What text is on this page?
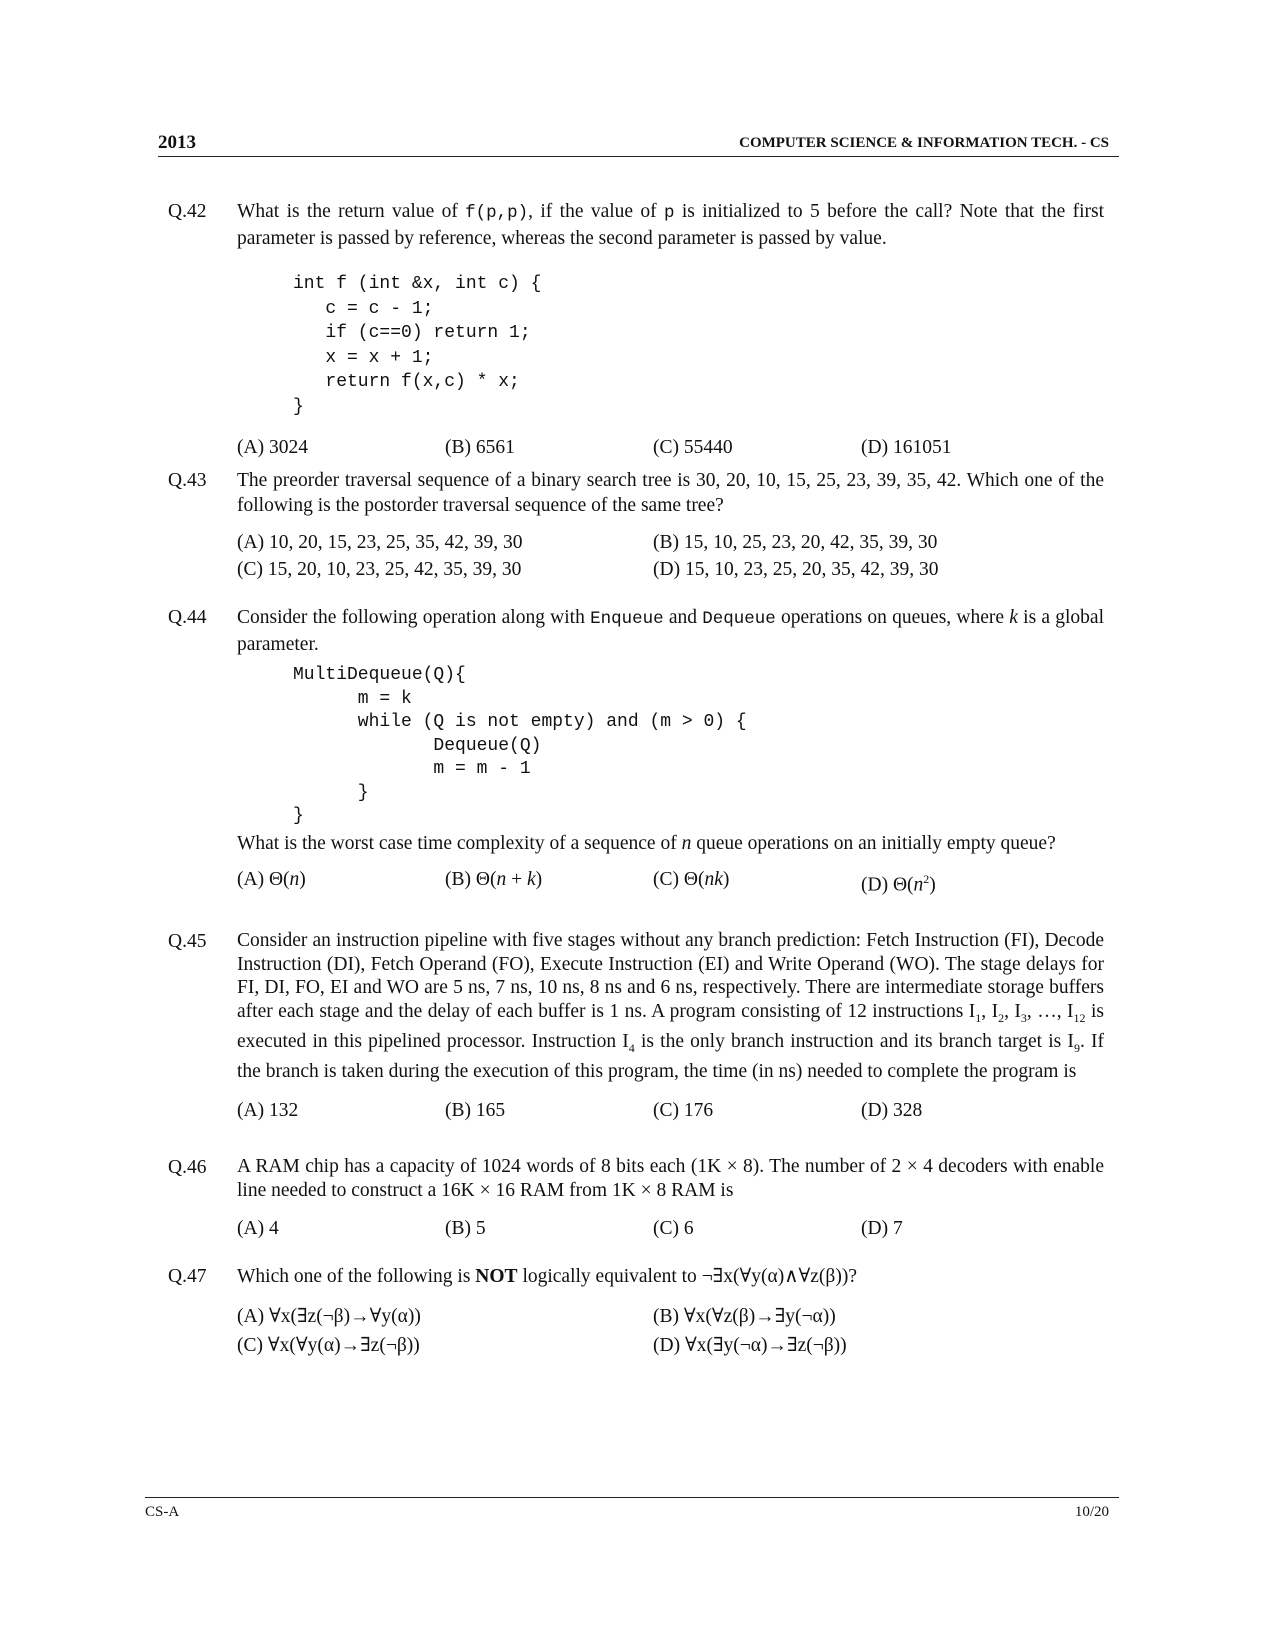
2013	COMPUTER SCIENCE & INFORMATION TECH. - CS
Q.42 What is the return value of f(p,p), if the value of p is initialized to 5 before the call? Note that the first parameter is passed by reference, whereas the second parameter is passed by value.
int f (int &x, int c) {
c = c - 1;
if (c==0) return 1;
x = x + 1;
return f(x,c) * x;
}
(A) 3024	(B) 6561	(C) 55440	(D) 161051
Q.43 The preorder traversal sequence of a binary search tree is 30, 20, 10, 15, 25, 23, 39, 35, 42. Which one of the following is the postorder traversal sequence of the same tree?
(A) 10, 20, 15, 23, 25, 35, 42, 39, 30	(B) 15, 10, 25, 23, 20, 42, 35, 39, 30
(C) 15, 20, 10, 23, 25, 42, 35, 39, 30	(D) 15, 10, 23, 25, 20, 35, 42, 39, 30
Q.44 Consider the following operation along with Enqueue and Dequeue operations on queues, where k is a global parameter.
MultiDequeue(Q){
m = k
while (Q is not empty) and (m > 0) {
Dequeue(Q)
m = m - 1
}
}
What is the worst case time complexity of a sequence of n queue operations on an initially empty queue?
(A) Θ(n)	(B) Θ(n + k)	(C) Θ(nk)	(D) $\Theta(n^2)$
Q.45 Consider an instruction pipeline with five stages without any branch prediction: Fetch Instruction (FI), Decode Instruction (DI), Fetch Operand (FO), Execute Instruction (EI) and Write Operand (WO). The stage delays for FI, DI, FO, EI and WO are 5 ns, 7 ns, 10 ns, 8 ns and 6 ns, respectively. There are intermediate storage buffers after each stage and the delay of each buffer is 1 ns. A program consisting of 12 instructions $I_1$, $I_2$, $I_3$, …, $I_{12}$ is executed in this pipelined processor. Instruction $I_4$ is the only branch instruction and its branch target is $I_9$. If the branch is taken during the execution of this program, the time (in ns) needed to complete the program is
(A) 132	(B) 165	(C) 176	(D) 328
Q.46 A RAM chip has a capacity of 1024 words of 8 bits each (1K × 8). The number of 2 × 4 decoders with enable line needed to construct a 16K × 16 RAM from 1K × 8 RAM is
(A) 4	(B) 5	(C) 6	(D) 7
Q.47 Which one of the following is NOT logically equivalent to ¬∃x(∀y(α)∧∀z(β))?
(A) ∀x(∃z(¬β)→∀y(α))	(B) ∀x(∀z(β)→∃y(¬α))
(C) ∀x(∀y(α)→∃z(¬β))	(D) ∀x(∃y(¬α)→∃z(¬β))
CS-A	10/20
